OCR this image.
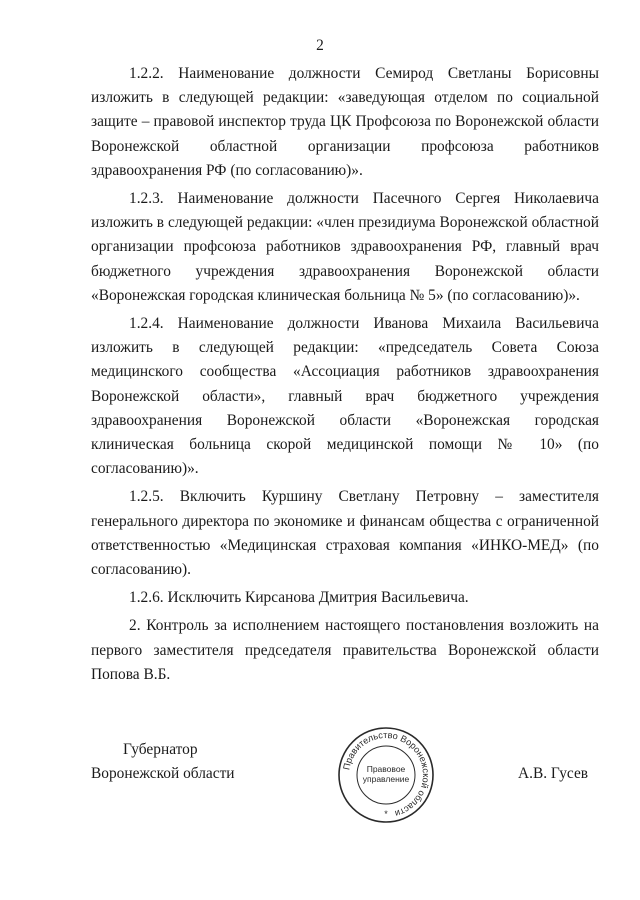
2

1.2.2. Наименование должности Семирод Светланы Борисовны изложить в следующей редакции: «заведующая отделом по социальной защите – правовой инспектор труда ЦК Профсоюза по Воронежской области Воронежской областной организации профсоюза работников здравоохранения РФ (по согласованию)».

1.2.3. Наименование должности Пасечного Сергея Николаевича изложить в следующей редакции: «член президиума Воронежской областной организации профсоюза работников здравоохранения РФ, главный врач бюджетного учреждения здравоохранения Воронежской области «Воронежская городская клиническая больница № 5» (по согласованию)».

1.2.4. Наименование должности Иванова Михаила Васильевича изложить в следующей редакции: «председатель Совета Союза медицинского сообщества «Ассоциация работников здравоохранения Воронежской области», главный врач бюджетного учреждения здравоохранения Воронежской области «Воронежская городская клиническая больница скорой медицинской помощи № 10» (по согласованию)».

1.2.5. Включить Куршину Светлану Петровну – заместителя генерального директора по экономике и финансам общества с ограниченной ответственностью «Медицинская страховая компания «ИНКО-МЕД» (по согласованию).

1.2.6. Исключить Кирсанова Дмитрия Васильевича.

2. Контроль за исполнением настоящего постановления возложить на первого заместителя председателя правительства Воронежской области Попова В.Б.

Губернатор
Воронежской области	Правительство Воронежской области
Правовое
управление
*
А.В. Гусев
